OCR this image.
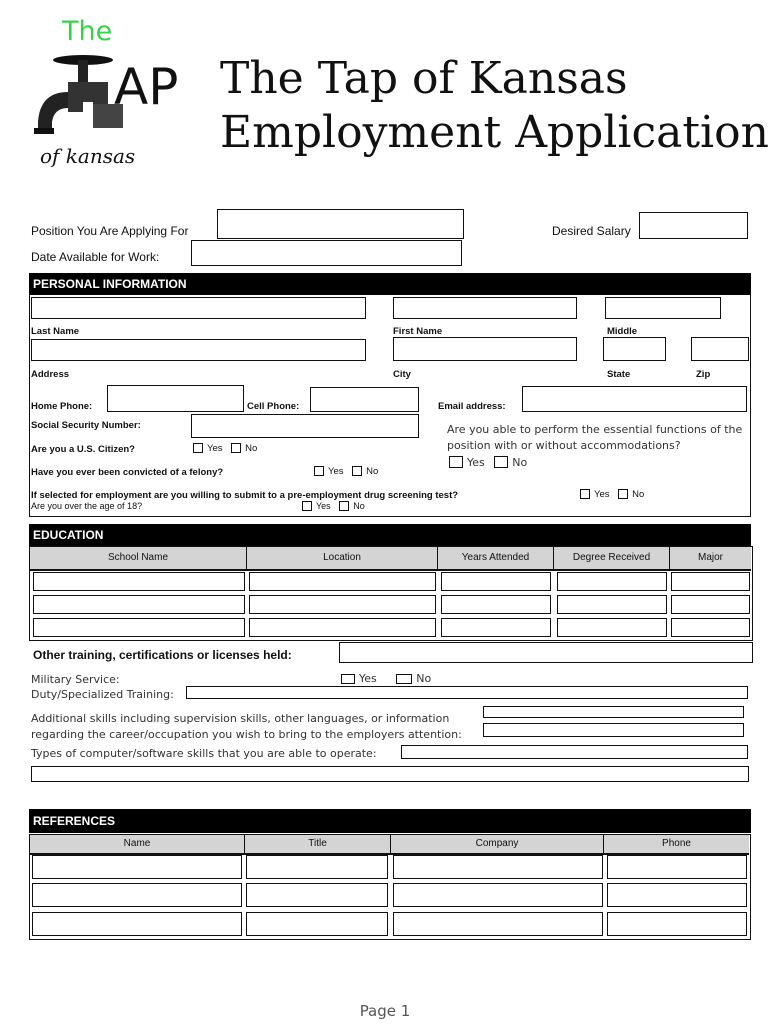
The
AP
of kansas
The Tap of Kansas
Employment Application
Position You Are Applying For	Desired Salary
Date Available for Work:
PERSONAL INFORMATION
Last Name	First Name	Middle
Address	City	State	Zip
Home Phone:	Cell Phone:	Email address:
Social Security Number:	Are you able to perform the essential functions of the position with or without accommodations?
Yes	No
Are you a U.S. Citizen?	Yes No
Have you ever been convicted of a felony?	Yes No
If selected for employment are you willing to submit to a pre-employment drug screening test?	Yes No
Are you over the age of 18?	Yes	No
EDUCATION
School Name	Location	Years Attended	Degree Received	Major
Other training, certifications or licenses held:
Military Service:	Yes	No
Duty/Specialized Training:
Additional skills including supervision skills, other languages, or information
regarding the career/occupation you wish to bring to the employers attention:
Types of computer/software skills that you are able to operate:
REFERENCES
Name	Title	Company	Phone
Page 1
